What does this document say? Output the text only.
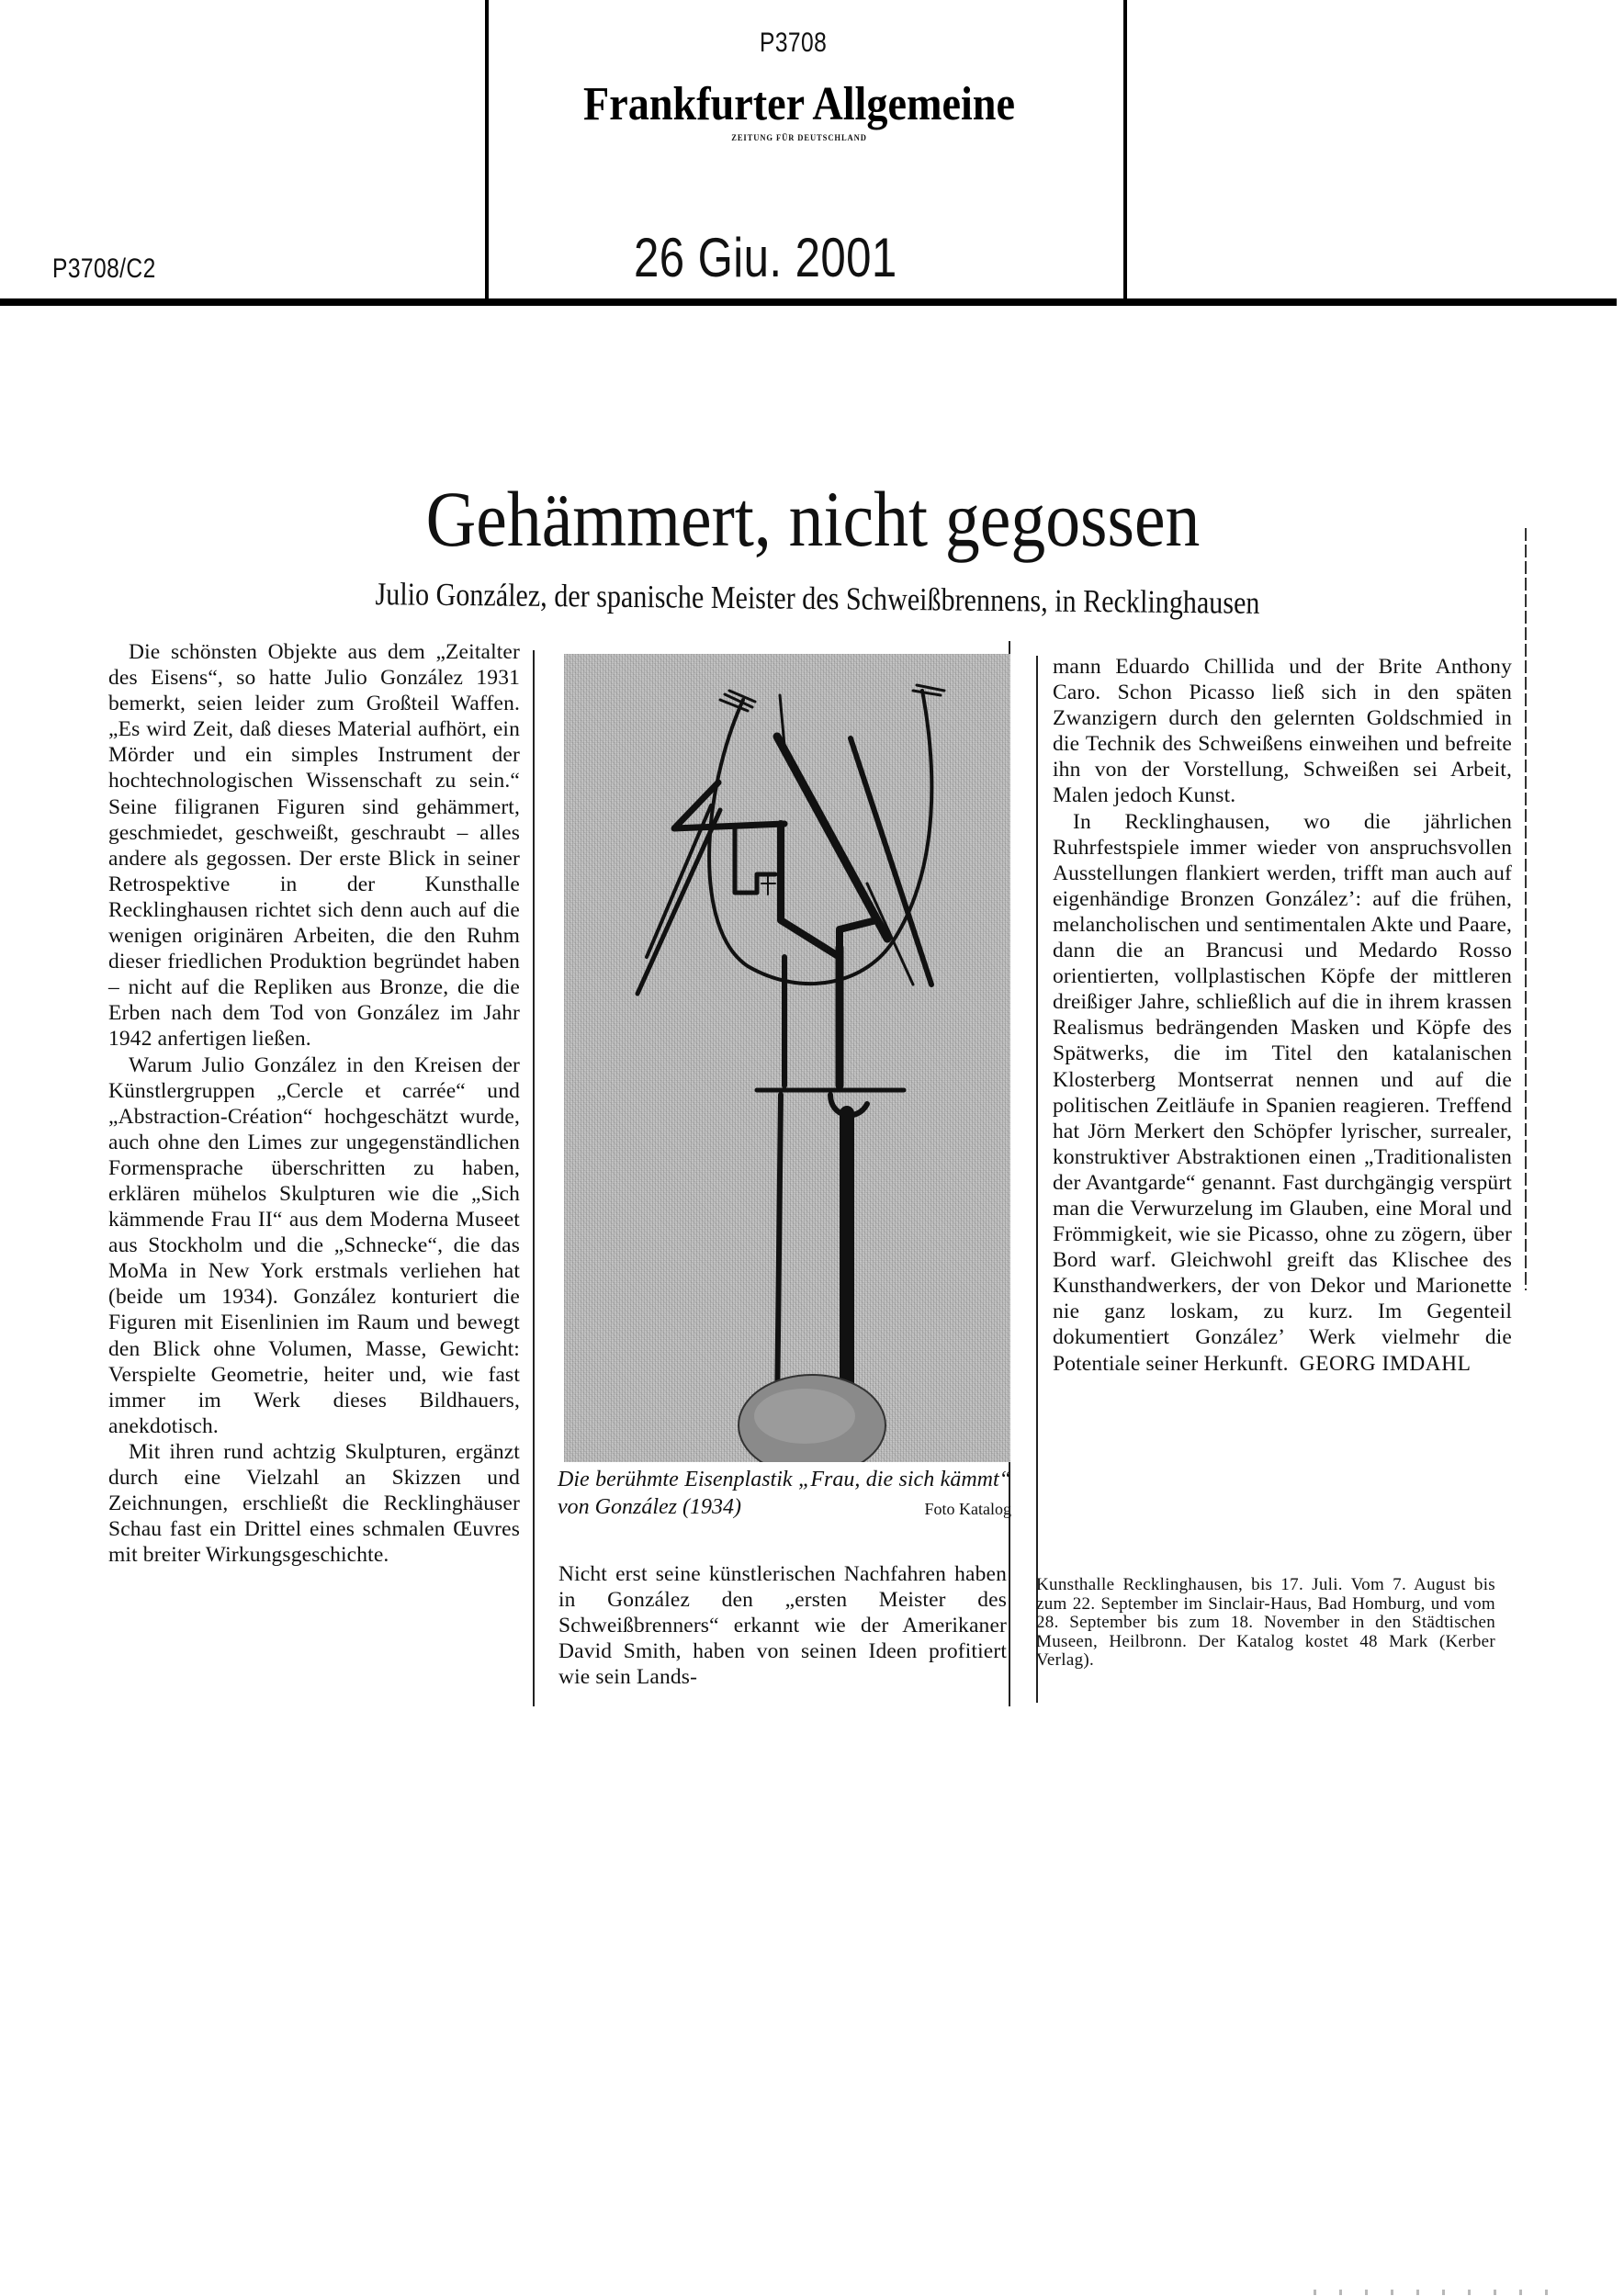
P3708
P3708/C2
Frankfurter Allgemeine
ZEITUNG FÜR DEUTSCHLAND
26 Giu. 2001
Gehämmert, nicht gegossen
Julio González, der spanische Meister des Schweißbrennens, in Recklinghausen

Die schönsten Objekte aus dem „Zeitalter des Eisens“, so hatte Julio González 1931 bemerkt, seien leider zum Großteil Waffen. „Es wird Zeit, daß dieses Material aufhört, ein Mörder und ein simples Instrument der hochtechnologischen Wissenschaft zu sein.“ Seine filigranen Figuren sind gehämmert, geschmiedet, geschweißt, geschraubt – alles andere als gegossen. Der erste Blick in seiner Retrospektive in der Kunsthalle Recklinghausen richtet sich denn auch auf die wenigen originären Arbeiten, die den Ruhm dieser friedlichen Produktion begründet haben – nicht auf die Repliken aus Bronze, die die Erben nach dem Tod von González im Jahr 1942 anfertigen ließen.

Warum Julio González in den Kreisen der Künstlergruppen „Cercle et carrée“ und „Abstraction-Création“ hochgeschätzt wurde, auch ohne den Limes zur ungegenständlichen Formensprache überschritten zu haben, erklären mühelos Skulpturen wie die „Sich kämmende Frau II“ aus dem Moderna Museet aus Stockholm und die „Schnecke“, die das MoMa in New York erstmals verliehen hat (beide um 1934). González konturiert die Figuren mit Eisenlinien im Raum und bewegt den Blick ohne Volumen, Masse, Gewicht: Verspielte Geometrie, heiter und, wie fast immer im Werk dieses Bildhauers, anekdotisch.

Mit ihren rund achtzig Skulpturen, ergänzt durch eine Vielzahl an Skizzen und Zeichnungen, erschließt die Recklinghäuser Schau fast ein Drittel eines schmalen Œuvres mit breiter Wirkungsgeschichte.

Die berühmte Eisenplastik „Frau, die sich kämmt“ von González (1934)	Foto Katalog

Nicht erst seine künstlerischen Nachfahren haben in González den „ersten Meister des Schweißbrenners“ erkannt wie der Amerikaner David Smith, haben von seinen Ideen profitiert wie sein Lands-

mann Eduardo Chillida und der Brite Anthony Caro. Schon Picasso ließ sich in den späten Zwanzigern durch den gelernten Goldschmied in die Technik des Schweißens einweihen und befreite ihn von der Vorstellung, Schweißen sei Arbeit, Malen jedoch Kunst.

In Recklinghausen, wo die jährlichen Ruhrfestspiele immer wieder von anspruchsvollen Ausstellungen flankiert werden, trifft man auch auf eigenhändige Bronzen González’: auf die frühen, melancholischen und sentimentalen Akte und Paare, dann die an Brancusi und Medardo Rosso orientierten, vollplastischen Köpfe der mittleren dreißiger Jahre, schließlich auf die in ihrem krassen Realismus bedrängenden Masken und Köpfe des Spätwerks, die im Titel den katalanischen Klosterberg Montserrat nennen und auf die politischen Zeitläufe in Spanien reagieren. Treffend hat Jörn Merkert den Schöpfer lyrischer, surrealer, konstruktiver Abstraktionen einen „Traditionalisten der Avantgarde“ genannt. Fast durchgängig verspürt man die Verwurzelung im Glauben, eine Moral und Frömmigkeit, wie sie Picasso, ohne zu zögern, über Bord warf. Gleichwohl greift das Klischee des Kunsthandwerkers, der von Dekor und Marionette nie ganz loskam, zu kurz. Im Gegenteil dokumentiert González’ Werk vielmehr die Potentiale seiner Herkunft. GEORG IMDAHL

Kunsthalle Recklinghausen, bis 17. Juli. Vom 7. August bis zum 22. September im Sinclair-Haus, Bad Homburg, und vom 28. September bis zum 18. November in den Städtischen Museen, Heilbronn. Der Katalog kostet 48 Mark (Kerber Verlag).
